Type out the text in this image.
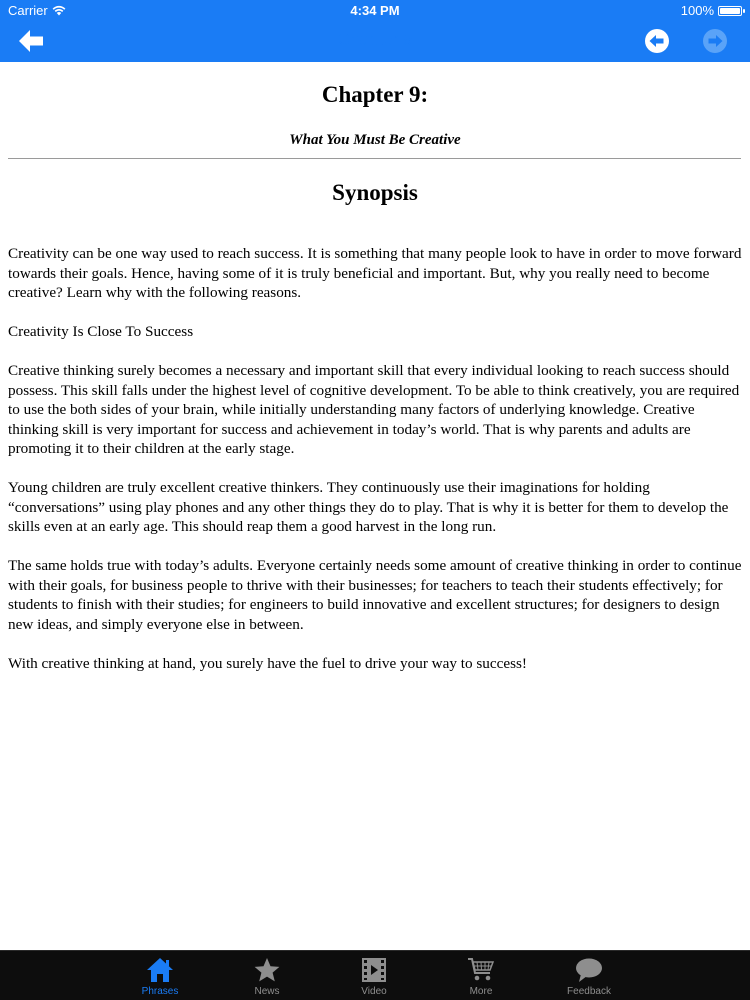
Carrier	4:34 PM	100%
Chapter 9
Chapter 9:
What You Must Be Creative
Synopsis

Creativity can be one way used to reach success. It is something that many people look to have in order to move forward towards their goals. Hence, having some of it is truly beneficial and important. But, why you really need to become creative? Learn why with the following reasons.

Creativity Is Close To Success

Creative thinking surely becomes a necessary and important skill that every individual looking to reach success should possess. This skill falls under the highest level of cognitive development. To be able to think creatively, you are required to use the both sides of your brain, while initially understanding many factors of underlying knowledge. Creative thinking skill is very important for success and achievement in today’s world. That is why parents and adults are promoting it to their children at the early stage.

Young children are truly excellent creative thinkers. They continuously use their imaginations for holding “conversations” using play phones and any other things they do to play. That is why it is better for them to develop the skills even at an early age. This should reap them a good harvest in the long run.

The same holds true with today’s adults. Everyone certainly needs some amount of creative thinking in order to continue with their goals, for business people to thrive with their businesses; for teachers to teach their students effectively; for students to finish with their studies; for engineers to build innovative and excellent structures; for designers to design new ideas, and simply everyone else in between.

With creative thinking at hand, you surely have the fuel to drive your way to success!

Phrases	News	Video	More	Feedback
